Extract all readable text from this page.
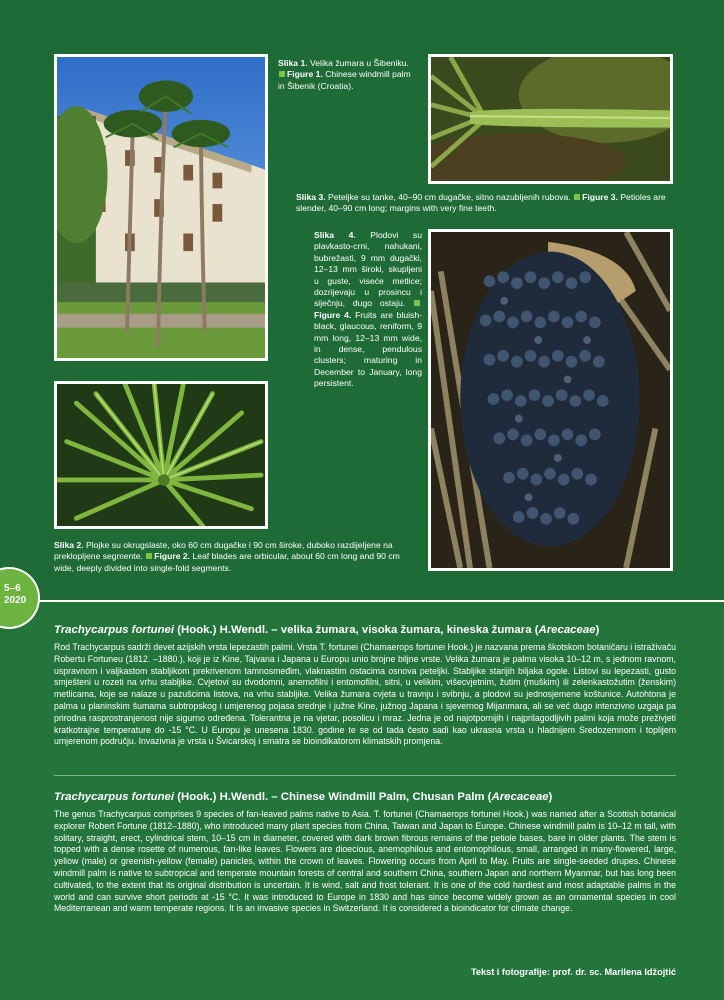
Slika 1. Velika žumara u Šibeniku.
Figure 1. Chinese windmill palm in Šibenik (Croatia).
Slika 3. Peteljke su tanke, 40–90 cm dugačke, sitno nazubljenih rubova. Figure 3. Petioles are slender, 40–90 cm long; margins with very fine teeth.
Slika 4. Plodovi su plavkasto-crni, nahukani, bubrežasti, 9 mm dugački, 12–13 mm široki, skupljeni u guste, viseće metlice; dozrijevaju u prosincu i siječnju, dugo ostaju. Figure 4. Fruits are bluish-black, glaucous, reniform, 9 mm long, 12–13 mm wide, in dense, pendulous clusters; maturing in December to January, long persistent.
Slika 2. Plojke su okrugslaste, oko 60 cm dugačke i 90 cm široke, duboko razdijeljene na preklopljene segmente. Figure 2. Leaf blades are orbicular, about 60 cm long and 90 cm wide, deeply divided into single-fold segments.
5–6
2020
Trachycarpus fortunei (Hook.) H.Wendl. – velika žumara, visoka žumara, kineska žumara (Arecaceae)
Rod Trachycarpus sadrži devet azijskih vrsta lepezastih palmi. Vrsta T. fortunei (Chamaerops fortunei Hook.) je nazvana prema škotskom botaničaru i istraživaču Robertu Fortuneu (1812. –1880.), koji je iz Kine, Tajvana i Japana u Europu unio brojne biljne vrste. Velika žumara je palma visoka 10–12 m, s jednom ravnom, uspravnom i valjkastom stabljikom prekrivenom tamnosmeđim, vlaknastim ostacima osnova peteljki. Stabljike starijih biljaka ogole. Listovi su lepezasti, gusto smješteni u rozeti na vrhu stabljike. Cvjetovi su dvodomni, anemofilni i entomofilni, sitni, u velikim, višecvjetnim, žutim (muškim) ili zelenkastožutim (ženskim) metlicama, koje se nalaze u pazušcima listova, na vrhu stabljike. Velika žumara cvjeta u travnju i svibnju, a plodovi su jednosjemene koštunice. Autohtona je palma u planinskim šumama subtropskog i umjerenog pojasa srednje i južne Kine, južnog Japana i sjevernog Mijanmara, ali se već dugo intenzivno uzgaja pa prirodna rasprostranjenost nije sigurno određena. Tolerantna je na vjetar, posolicu i mraz. Jedna je od najotpornijih i najprilagodljivih palmi koja može preživjeti kratkotrajne temperature do -15 °C. U Europu je unesena 1830. godine te se od tada često sadi kao ukrasna vrsta u hladnijem Sredozemnom i toplijem umjerenom području. Invazivna je vrsta u Švicarskoj i smatra se bioindikatorom klimatskih promjena.
Trachycarpus fortunei (Hook.) H.Wendl. – Chinese Windmill Palm, Chusan Palm (Arecaceae)
The genus Trachycarpus comprises 9 species of fan-leaved palms native to Asia. T. fortunei (Chamaerops fortunei Hook.) was named after a Scottish botanical explorer Robert Fortune (1812–1880), who introduced many plant species from China, Taiwan and Japan to Europe. Chinese windmill palm is 10–12 m tall, with solitary, straight, erect, cylindrical stem, 10–15 cm in diameter, covered with dark brown fibrous remains of the petiole bases, bare in older plants. The stem is topped with a dense rosette of numerous, fan-like leaves. Flowers are dioecious, anemophilous and entomophilous, small, arranged in many-flowered, large, yellow (male) or greenish-yellow (female) panicles, within the crown of leaves. Flowering occurs from April to May. Fruits are single-seeded drupes. Chinese windmill palm is native to subtropical and temperate mountain forests of central and southern China, southern Japan and northern Myanmar, but has long been cultivated, to the extent that its original distribution is uncertain. It is wind, salt and frost tolerant. It is one of the cold hardiest and most adaptable palms in the world and can survive short periods at -15 °C. It was introduced to Europe in 1830 and has since become widely grown as an ornamental species in cool Mediterranean and warm temperate regions. It is an invasive species in Switzerland. It is considered a bioindicator for climate change.
Tekst i fotografije: prof. dr. sc. Marilena Idžojtić
